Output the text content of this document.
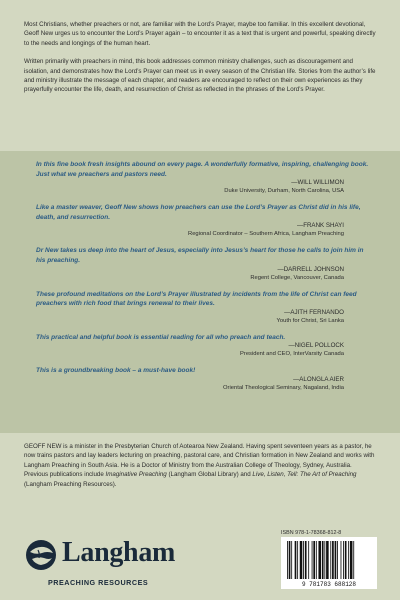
Most Christians, whether preachers or not, are familiar with the Lord’s Prayer, maybe too familiar. In this excellent devotional, Geoff New urges us to encounter the Lord’s Prayer again – to encounter it as a text that is urgent and powerful, speaking directly to the needs and longings of the human heart.

Written primarily with preachers in mind, this book addresses common ministry challenges, such as discouragement and isolation, and demonstrates how the Lord’s Prayer can meet us in every season of the Christian life. Stories from the author’s life and ministry illustrate the message of each chapter, and readers are encouraged to reflect on their own experiences as they prayerfully encounter the life, death, and resurrection of Christ as reflected in the phrases of the Lord’s Prayer.

In this fine book fresh insights abound on every page. A wonderfully formative, inspiring, challenging book. Just what we preachers and pastors need.
—WILL WILLIMON
Duke University, Durham, North Carolina, USA
Like a master weaver, Geoff New shows how preachers can use the Lord’s Prayer as Christ did in his life, death, and resurrection.
—FRANK SHAYI
Regional Coordinator – Southern Africa, Langham Preaching
Dr New takes us deep into the heart of Jesus, especially into Jesus’s heart for those he calls to join him in his preaching.
—DARRELL JOHNSON
Regent College, Vancouver, Canada
These profound meditations on the Lord’s Prayer illustrated by incidents from the life of Christ can feed preachers with rich food that brings renewal to their lives.
—AJITH FERNANDO
Youth for Christ, Sri Lanka
This practical and helpful book is essential reading for all who preach and teach.
—NIGEL POLLOCK
President and CEO, InterVarsity Canada
This is a groundbreaking book – a must-have book!
—ALONGLA AIER
Oriental Theological Seminary, Nagaland, India
GEOFF NEW is a minister in the Presbyterian Church of Aotearoa New Zealand. Having spent seventeen years as a pastor, he now trains pastors and lay leaders lecturing on preaching, pastoral care, and Christian formation in New Zealand and works with Langham Preaching in South Asia. He is a Doctor of Ministry from the Australian College of Theology, Sydney, Australia. Previous publications include Imaginative Preaching (Langham Global Library) and Live, Listen, Tell: The Art of Preaching (Langham Preaching Resources).
Langham
PREACHING RESOURCES
ISBN 978-1-78368-812-8
9 781783 688128
